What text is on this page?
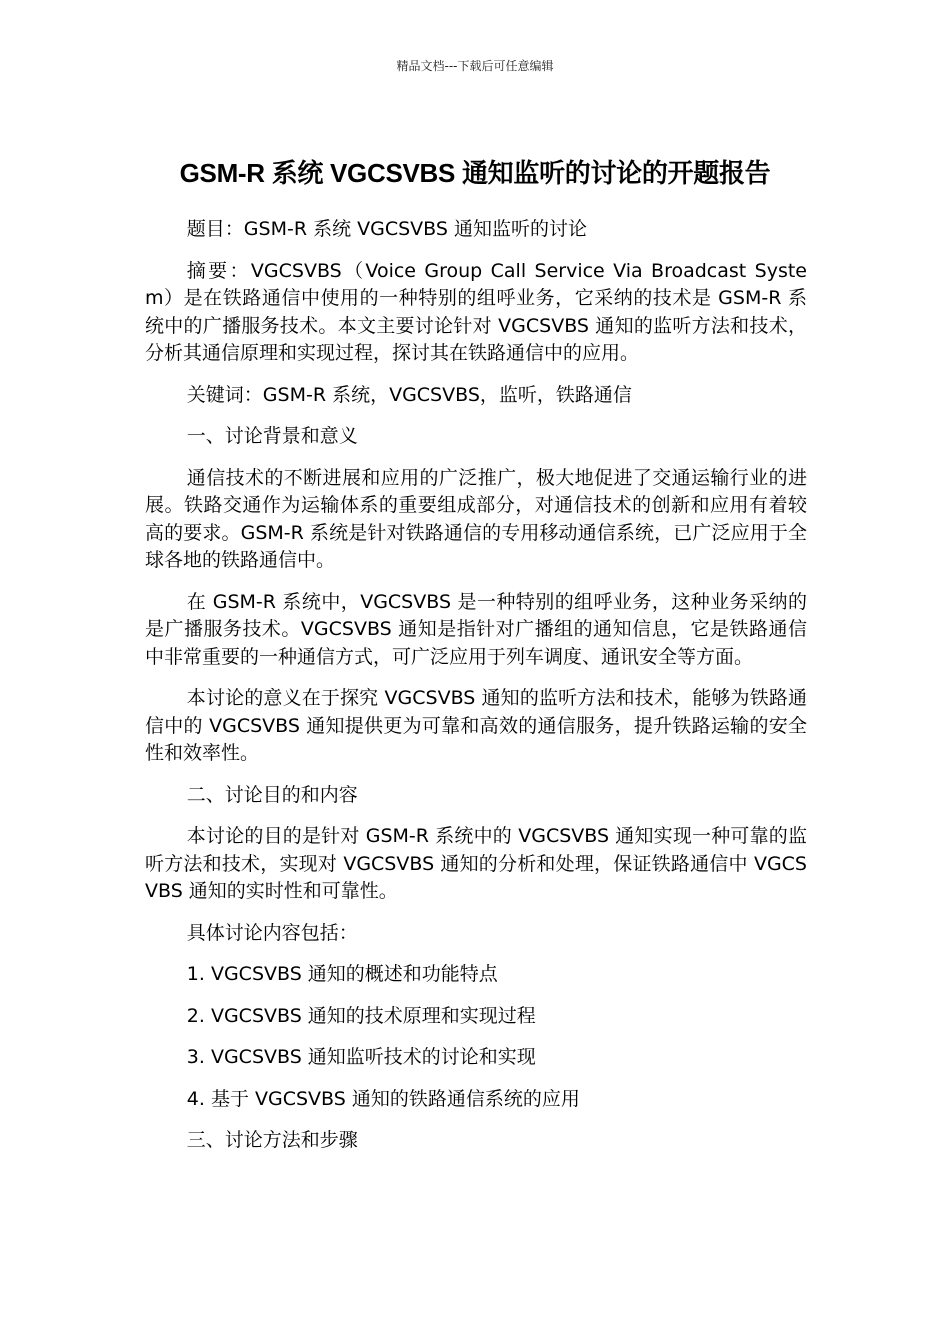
精品文档---下载后可任意编辑
GSM-R 系统 VGCSVBS 通知监听的讨论的开题报告

题目：GSM-R 系统 VGCSVBS 通知监听的讨论

摘要：VGCSVBS（Voice Group Call Service Via Broadcast System）是在铁路通信中使用的一种特别的组呼业务，它采纳的技术是 GSM-R 系统中的广播服务技术。本文主要讨论针对 VGCSVBS 通知的监听方法和技术，分析其通信原理和实现过程，探讨其在铁路通信中的应用。

关键词：GSM-R 系统，VGCSVBS，监听，铁路通信

一、讨论背景和意义

通信技术的不断进展和应用的广泛推广，极大地促进了交通运输行业的进展。铁路交通作为运输体系的重要组成部分，对通信技术的创新和应用有着较高的要求。GSM-R 系统是针对铁路通信的专用移动通信系统，已广泛应用于全球各地的铁路通信中。

在 GSM-R 系统中，VGCSVBS 是一种特别的组呼业务，这种业务采纳的是广播服务技术。VGCSVBS 通知是指针对广播组的通知信息，它是铁路通信中非常重要的一种通信方式，可广泛应用于列车调度、通讯安全等方面。

本讨论的意义在于探究 VGCSVBS 通知的监听方法和技术，能够为铁路通信中的 VGCSVBS 通知提供更为可靠和高效的通信服务，提升铁路运输的安全性和效率性。

二、讨论目的和内容

本讨论的目的是针对 GSM-R 系统中的 VGCSVBS 通知实现一种可靠的监听方法和技术，实现对 VGCSVBS 通知的分析和处理，保证铁路通信中 VGCSVBS 通知的实时性和可靠性。

具体讨论内容包括：

1. VGCSVBS 通知的概述和功能特点

2. VGCSVBS 通知的技术原理和实现过程

3. VGCSVBS 通知监听技术的讨论和实现

4. 基于 VGCSVBS 通知的铁路通信系统的应用

三、讨论方法和步骤
